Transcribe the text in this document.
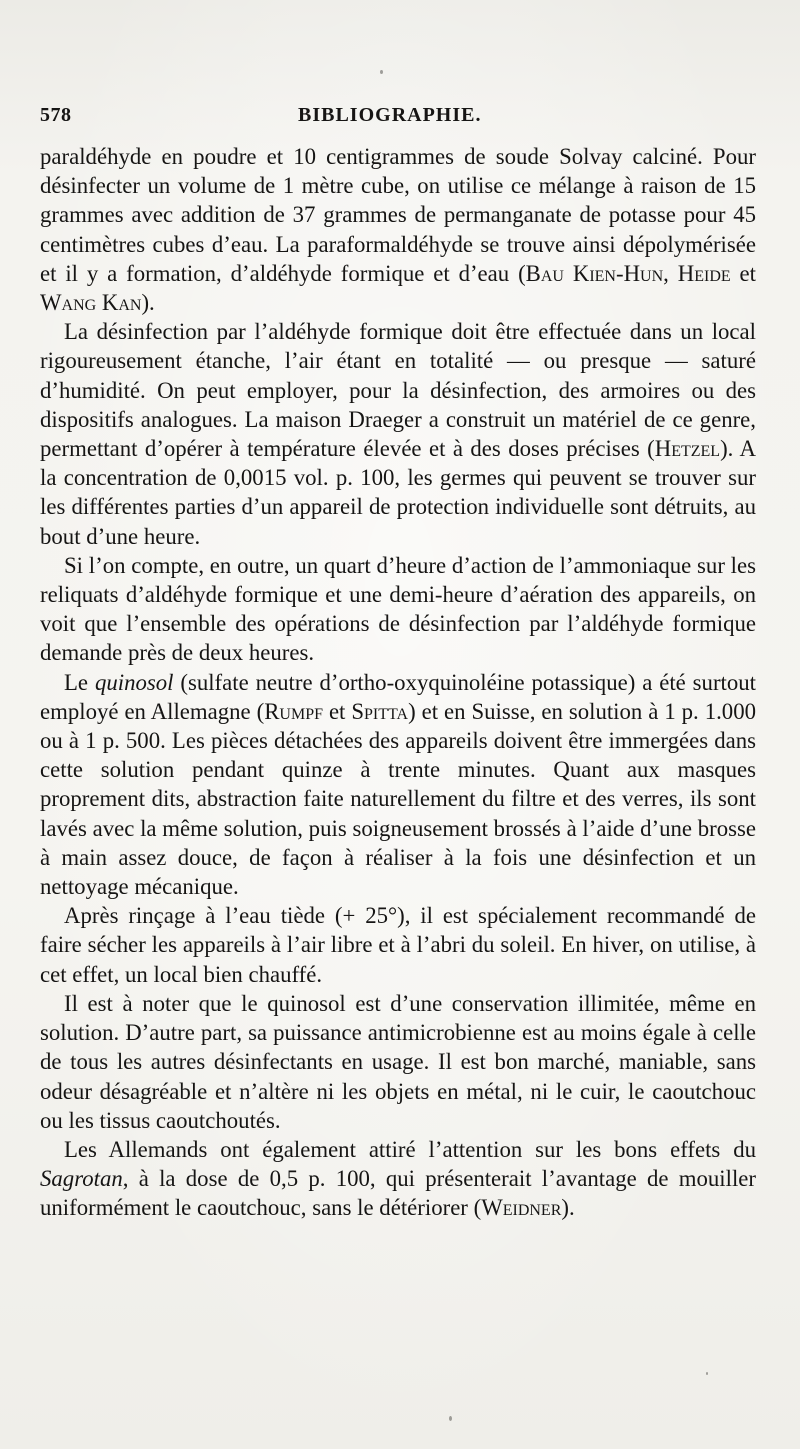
578	BIBLIOGRAPHIE.

paraldéhyde en poudre et 10 centigrammes de soude Solvay calciné. Pour désinfecter un volume de 1 mètre cube, on utilise ce mélange à raison de 15 grammes avec addition de 37 grammes de permanganate de potasse pour 45 centimètres cubes d’eau. La paraformaldéhyde se trouve ainsi dépolymérisée et il y a formation, d’aldéhyde formique et d’eau (Bau Kien-Hun, Heide et Wang Kan).

La désinfection par l’aldéhyde formique doit être effectuée dans un local rigoureusement étanche, l’air étant en totalité — ou presque — saturé d’humidité. On peut employer, pour la désinfection, des armoires ou des dispositifs analogues. La maison Draeger a construit un matériel de ce genre, permettant d’opérer à température élevée et à des doses précises (Hetzel). A la concentration de 0,0015 vol. p. 100, les germes qui peuvent se trouver sur les différentes parties d’un appareil de protection individuelle sont détruits, au bout d’une heure.

Si l’on compte, en outre, un quart d’heure d’action de l’ammoniaque sur les reliquats d’aldéhyde formique et une demi-heure d’aération des appareils, on voit que l’ensemble des opérations de désinfection par l’aldéhyde formique demande près de deux heures.

Le quinosol (sulfate neutre d’ortho-oxyquinoléine potassique) a été surtout employé en Allemagne (Rumpf et Spitta) et en Suisse, en solution à 1 p. 1.000 ou à 1 p. 500. Les pièces détachées des appareils doivent être immergées dans cette solution pendant quinze à trente minutes. Quant aux masques proprement dits, abstraction faite naturellement du filtre et des verres, ils sont lavés avec la même solution, puis soigneusement brossés à l’aide d’une brosse à main assez douce, de façon à réaliser à la fois une désinfection et un nettoyage mécanique.

Après rinçage à l’eau tiède (+ 25°), il est spécialement recommandé de faire sécher les appareils à l’air libre et à l’abri du soleil. En hiver, on utilise, à cet effet, un local bien chauffé.

Il est à noter que le quinosol est d’une conservation illimitée, même en solution. D’autre part, sa puissance antimicrobienne est au moins égale à celle de tous les autres désinfectants en usage. Il est bon marché, maniable, sans odeur désagréable et n’altère ni les objets en métal, ni le cuir, le caoutchouc ou les tissus caoutchoutés.

Les Allemands ont également attiré l’attention sur les bons effets du Sagrotan, à la dose de 0,5 p. 100, qui présenterait l’avantage de mouiller uniformément le caoutchouc, sans le détériorer (Weidner).
